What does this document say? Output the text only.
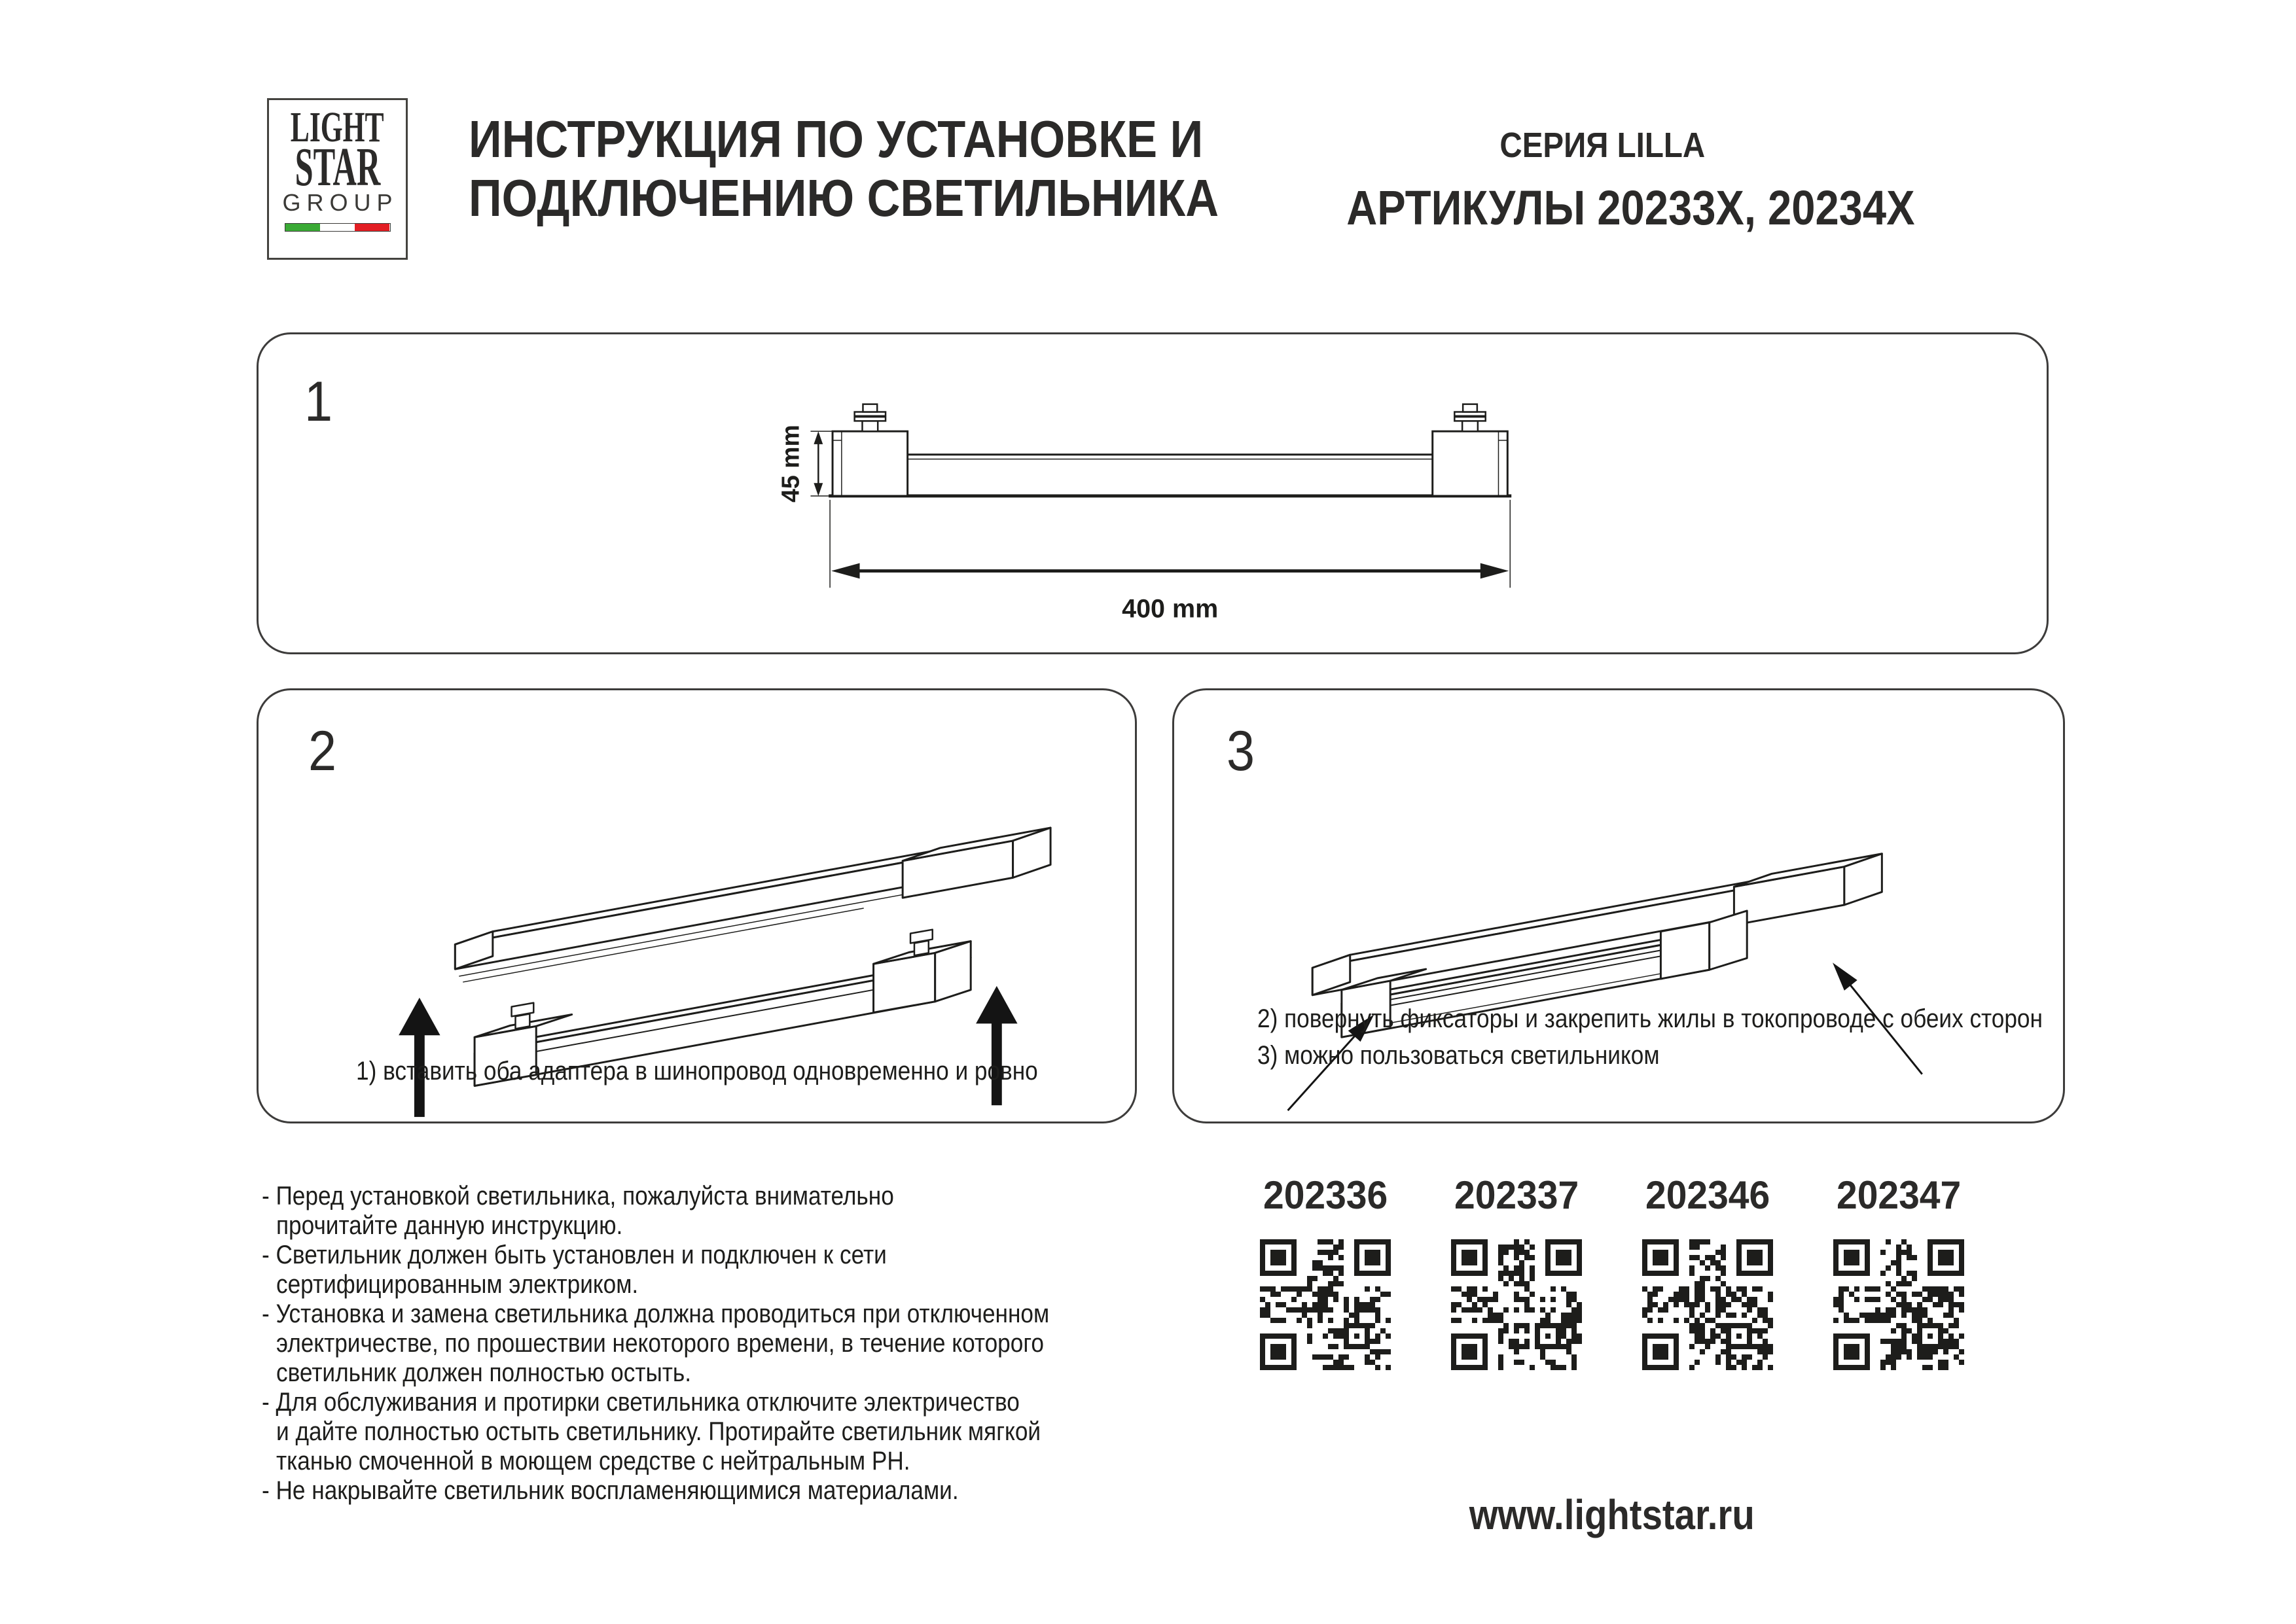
LIGHT
STAR
GROUP
ИНСТРУКЦИЯ ПО УСТАНОВКЕ И
ПОДКЛЮЧЕНИЮ СВЕТИЛЬНИКА
СЕРИЯ LILLA
АРТИКУЛЫ 20233X, 20234X
1
45 mm
400 mm
2
1) вставить оба адаптера в шинопровод одновременно и ровно
3
2) повернуть фиксаторы и закрепить жилы в токопроводе с обеих сторон
3) можно пользоваться светильником
- Перед установкой светильника, пожалуйста внимательно
прочитайте данную инструкцию.
- Светильник должен быть установлен и подключен к сети
сертифицированным электриком.
- Установка и замена светильника должна проводиться при отключенном
электричестве, по прошествии некоторого времени, в течение которого
светильник должен полностью остыть.
- Для обслуживания и протирки светильника отключите электричество
и дайте полностью остыть светильнику. Протирайте светильник мягкой
тканью смоченной в моющем средстве с нейтральным PH.
- Не накрывайте светильник воспламеняющимися материалами.
202336 202337 202346 202347
www.lightstar.ru
